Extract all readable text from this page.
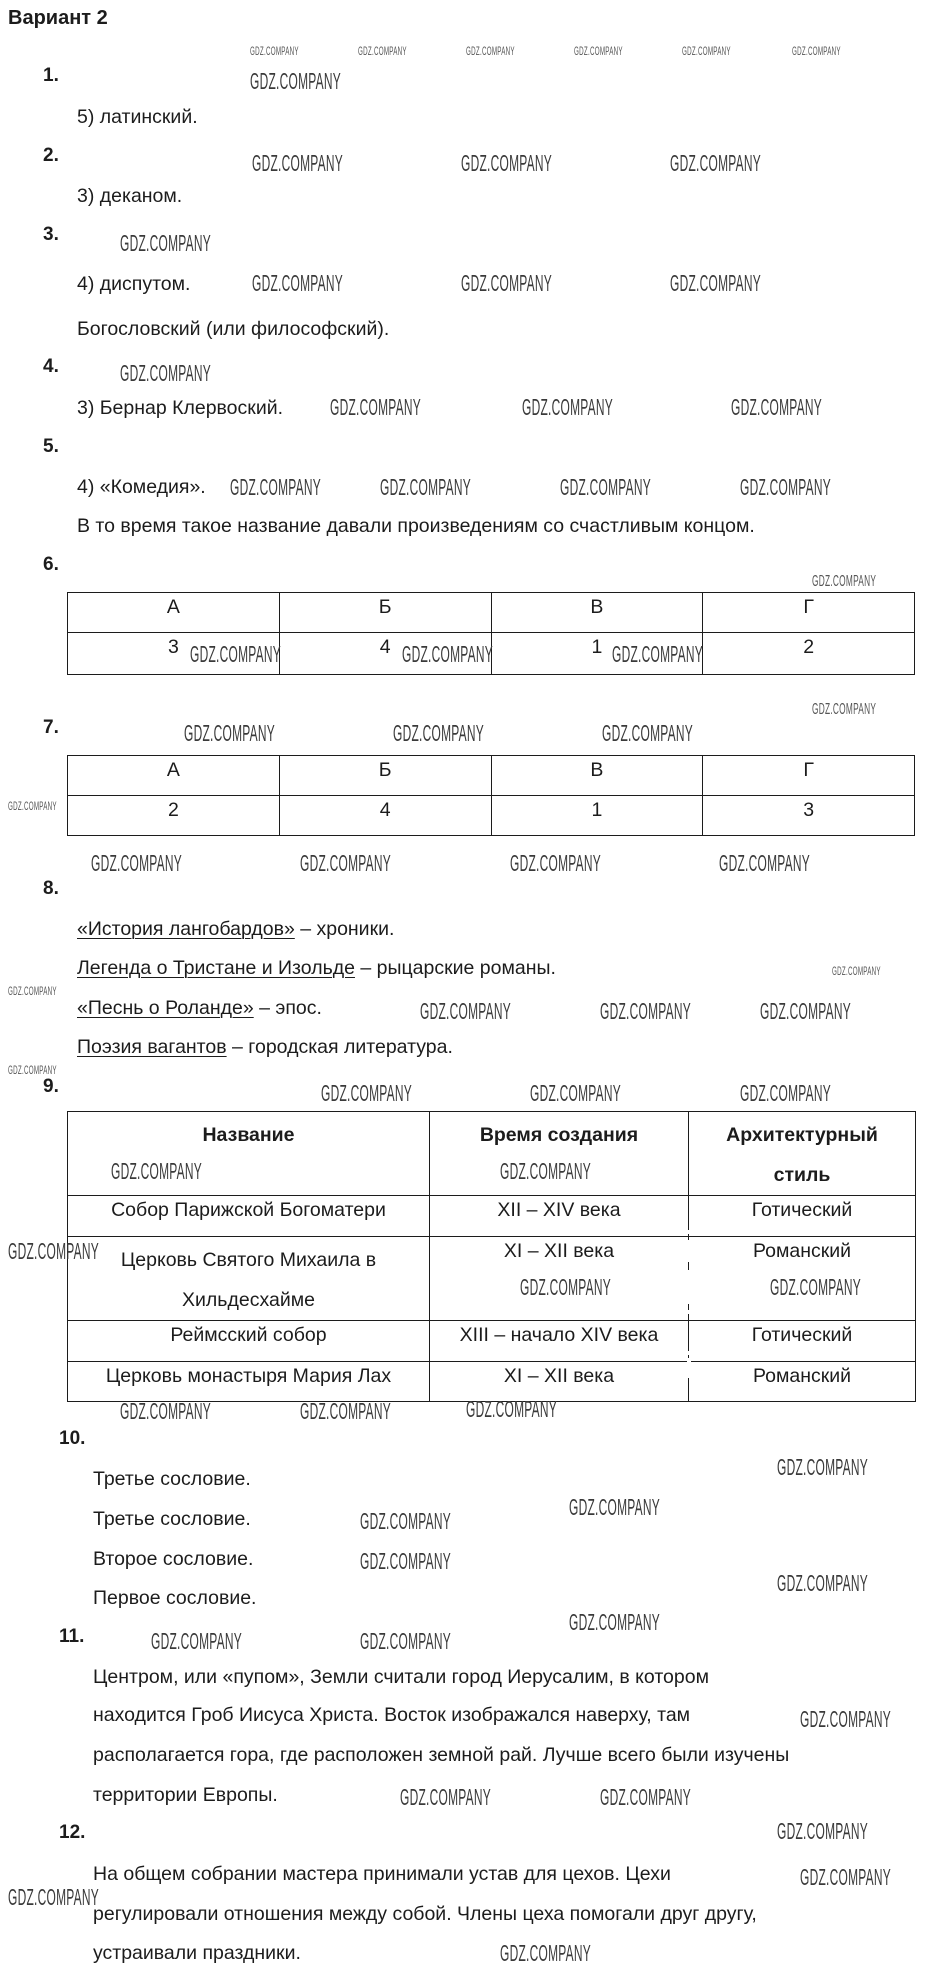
Вариант 2
1.
5) латинский.
2.
3) деканом.
3.
4) диспутом.
Богословский (или философский).
4.
3) Бернар Клервоский.
5.
4) «Комедия».
В то время такое название давали произведениям со счастливым концом.
6.
А	Б	В	Г
3	4	1	2
7.
А	Б	В	Г
2	4	1	3
8.
«История лангобардов» – хроники.
Легенда о Тристане и Изольде – рыцарские романы.
«Песнь о Роланде» – эпос.
Поэзия вагантов – городская литература.
9.
Название	Время создания	Архитектурный стиль
Собор Парижской Богоматери	XII – XIV века	Готический
Церковь Святого Михаила в Хильдесхайме	XI – XII века	Романский
Реймсский собор	XIII – начало XIV века	Готический
Церковь монастыря Мария Лах	XI – XII века	Романский
GDZ.COMPANY	GDZ.COMPANY	GDZ.COMPANY	GDZ.COMPANY	GDZ.COMPANY	GDZ.COMPANY
GDZ.COMPANY
GDZ.COMPANY	GDZ.COMPANY	GDZ.COMPANY
GDZ.COMPANY
GDZ.COMPANY	GDZ.COMPANY	GDZ.COMPANY
GDZ.COMPANY
GDZ.COMPANY	GDZ.COMPANY	GDZ.COMPANY
GDZ.COMPANY	GDZ.COMPANY	GDZ.COMPANY	GDZ.COMPANY
GDZ.COMPANY
GDZ.COMPANY	GDZ.COMPANY	GDZ.COMPANY
GDZ.COMPANY
GDZ.COMPANY
GDZ.COMPANY	GDZ.COMPANY	GDZ.COMPANY
GDZ.COMPANY	GDZ.COMPANY	GDZ.COMPANY	GDZ.COMPANY
GDZ.COMPANY
GDZ.COMPANY	GDZ.COMPANY	GDZ.COMPANY
GDZ.COMPANY
GDZ.COMPANY
GDZ.COMPANY	GDZ.COMPANY	GDZ.COMPANY
GDZ.COMPANY	GDZ.COMPANY
GDZ.COMPANY
GDZ.COMPANY
GDZ.COMPANY
GDZ.COMPANY
GDZ.COMPANY	GDZ.COMPANY
GDZ.COMPANY
GDZ.COMPANY
GDZ.COMPANY
GDZ.COMPANY
GDZ.COMPANY
GDZ.COMPANY
GDZ.COMPANY	GDZ.COMPANY
GDZ.COMPANY
GDZ.COMPANY	GDZ.COMPANY
GDZ.COMPANY
GDZ.COMPANY
GDZ.COMPANY
GDZ.COMPANY
10.
Третье сословие.
Третье сословие.
Второе сословие.
Первое сословие.
11.
Центром, или «пупом», Земли считали город Иерусалим, в котором
находится Гроб Иисуса Христа. Восток изображался наверху, там
располагается гора, где расположен земной рай. Лучше всего были изучены
территории Европы.
12.
На общем собрании мастера принимали устав для цехов. Цехи
регулировали отношения между собой. Члены цеха помогали друг другу,
устраивали праздники.
